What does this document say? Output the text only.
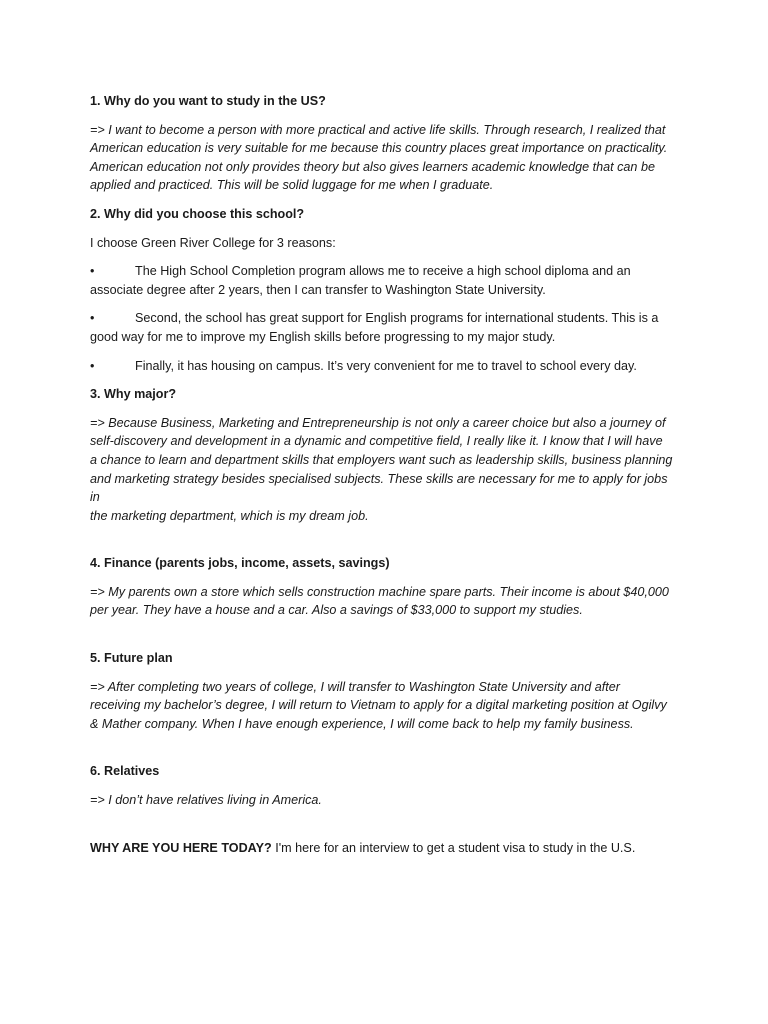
1. Why do you want to study in the US?

=> I want to become a person with more practical and active life skills. Through research, I realized that

American education is very suitable for me because this country places great importance on practicality.

American education not only provides theory but also gives learners academic knowledge that can be

applied and practiced. This will be solid luggage for me when I graduate.

2. Why did you choose this school?

I choose Green River College for 3 reasons:

•	The High School Completion program allows me to receive a high school diploma and an

associate degree after 2 years, then I can transfer to Washington State University.

•	Second, the school has great support for English programs for international students. This is a

good way for me to improve my English skills before progressing to my major study.

•	Finally, it has housing on campus. It’s very convenient for me to travel to school every day.

3. Why major?

=> Because Business, Marketing and Entrepreneurship is not only a career choice but also a journey of

self-discovery and development in a dynamic and competitive field, I really like it. I know that I will have

a chance to learn and department skills that employers want such as leadership skills, business planning

and marketing strategy besides specialised subjects. These skills are necessary for me to apply for jobs in

the marketing department, which is my dream job.

4. Finance (parents jobs, income, assets, savings)

=> My parents own a store which sells construction machine spare parts. Their income is about $40,000

per year. They have a house and a car. Also a savings of $33,000 to support my studies.

5. Future plan

=> After completing two years of college, I will transfer to Washington State University and after

receiving my bachelor’s degree, I will return to Vietnam to apply for a digital marketing position at Ogilvy

& Mather company. When I have enough experience, I will come back to help my family business.

6. Relatives

=> I don’t have relatives living in America.

WHY ARE YOU HERE TODAY? I'm here for an interview to get a student visa to study in the U.S.
